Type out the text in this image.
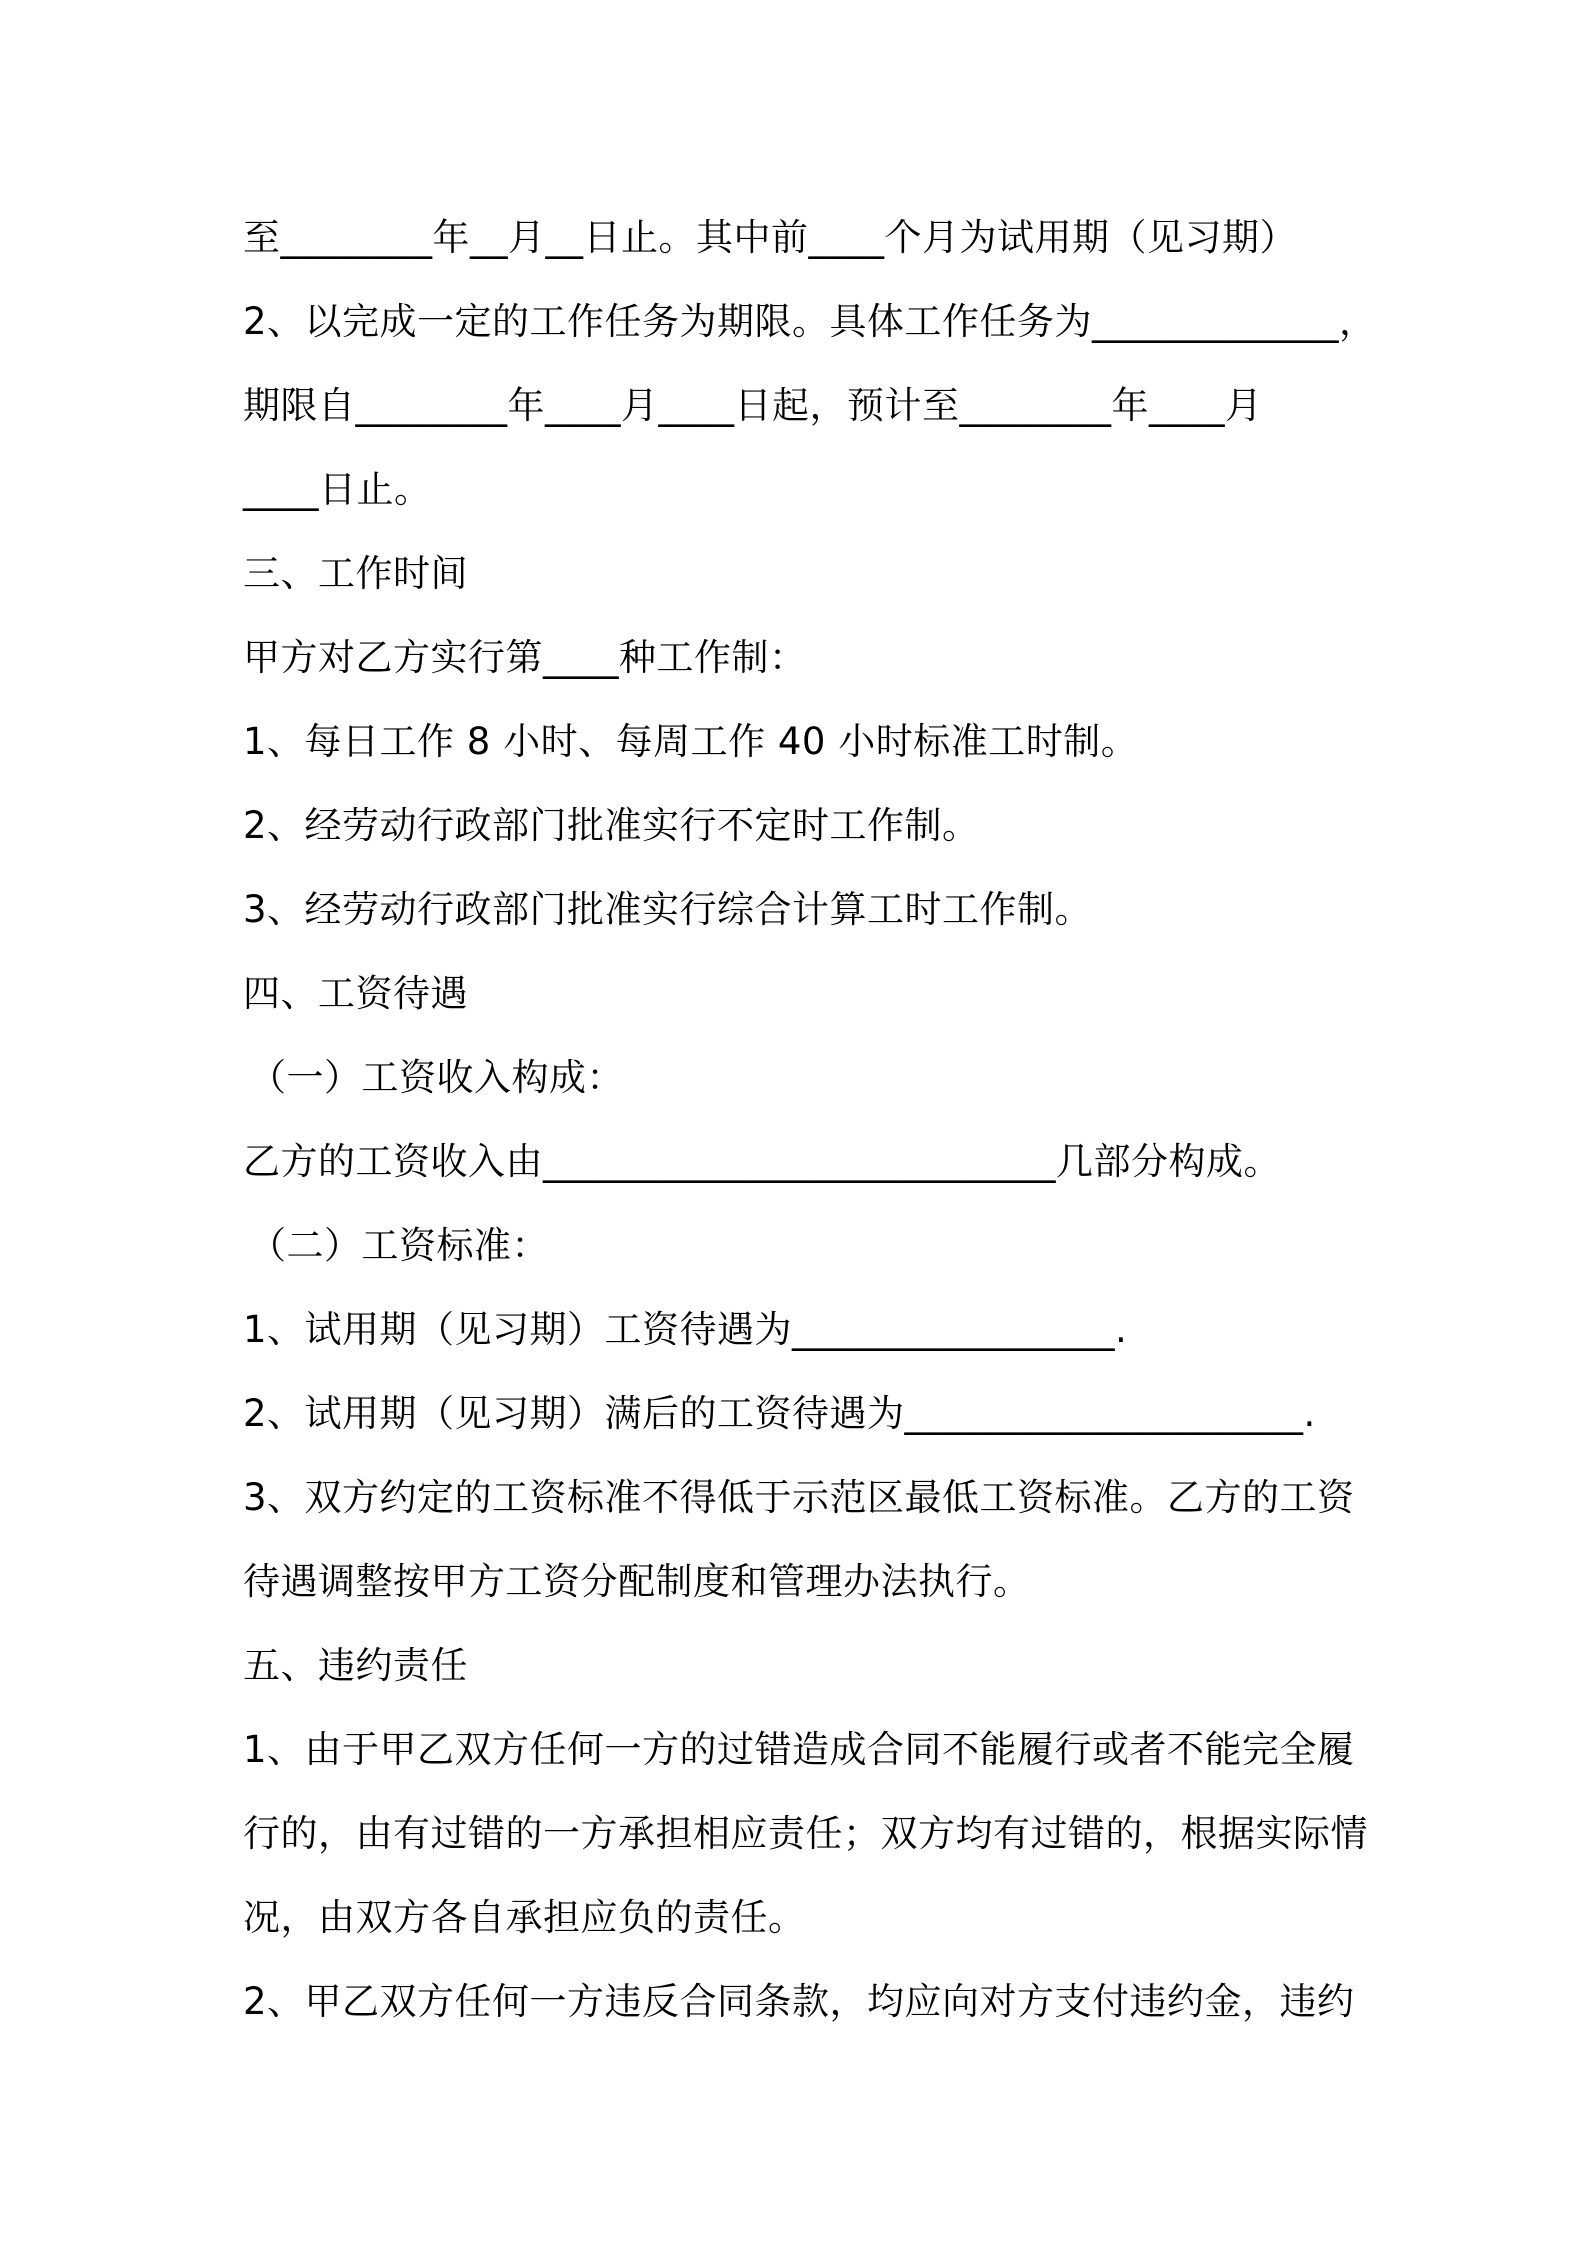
至________年__月__日止。其中前____个月为试用期（见习期）
2、以完成一定的工作任务为期限。具体工作任务为_____________，
期限自________年____月____日起，预计至________年____月
____日止。
三、工作时间
甲方对乙方实行第____种工作制：
1、每日工作 8 小时、每周工作 40 小时标准工时制。
2、经劳动行政部门批准实行不定时工作制。
3、经劳动行政部门批准实行综合计算工时工作制。
四、工资待遇
（一）工资收入构成：
乙方的工资收入由___________________________几部分构成。
（二）工资标准：
1、试用期（见习期）工资待遇为_________________.
2、试用期（见习期）满后的工资待遇为_____________________.
3、双方约定的工资标准不得低于示范区最低工资标准。乙方的工资
待遇调整按甲方工资分配制度和管理办法执行。
五、违约责任
1、由于甲乙双方任何一方的过错造成合同不能履行或者不能完全履
行的，由有过错的一方承担相应责任；双方均有过错的，根据实际情
况，由双方各自承担应负的责任。
2、甲乙双方任何一方违反合同条款，均应向对方支付违约金，违约
